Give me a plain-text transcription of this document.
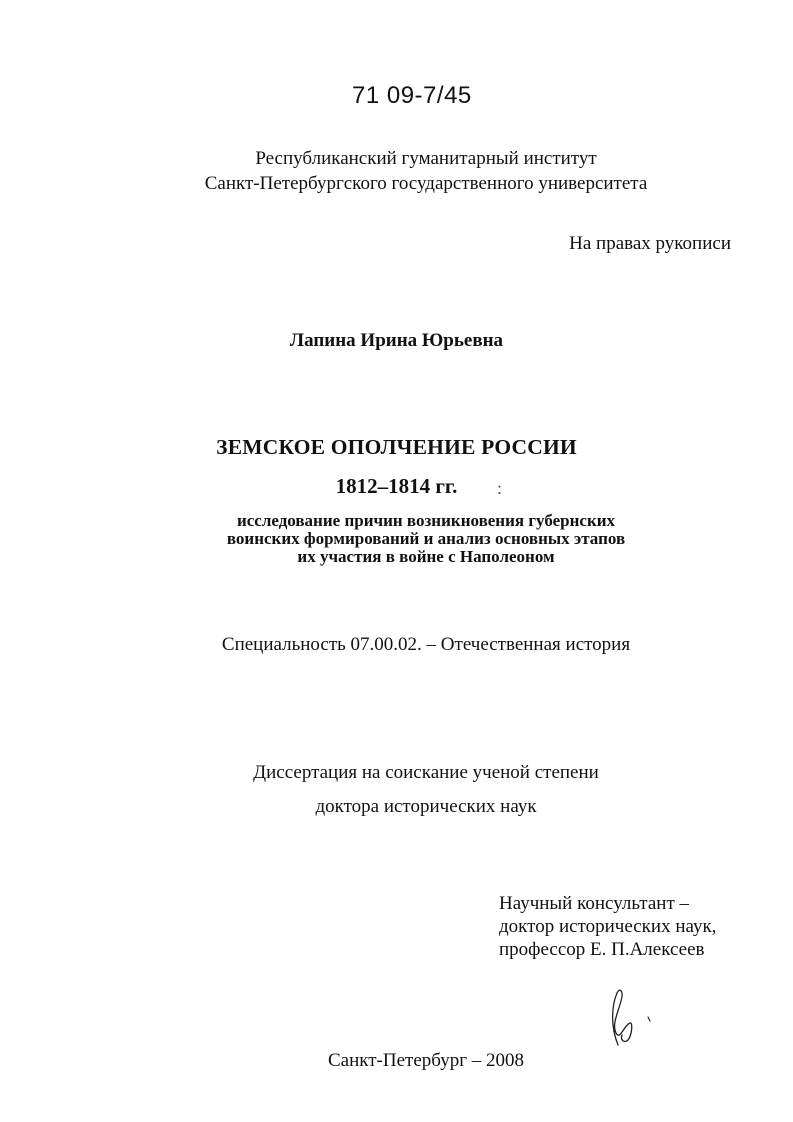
71 09-7/45
Республиканский гуманитарный институт
Санкт-Петербургского государственного университета
На правах рукописи
Лапина Ирина Юрьевна
ЗЕМСКОЕ ОПОЛЧЕНИЕ РОССИИ
1812–1814 гг.	:
исследование причин возникновения губернских
воинских формирований и анализ основных этапов
их участия в войне с Наполеоном
Специальность 07.00.02. – Отечественная история
Диссертация на соискание ученой степени
доктора исторических наук
Научный консультант –
доктор исторических наук,
профессор Е. П.Алексеев
Санкт-Петербург – 2008
